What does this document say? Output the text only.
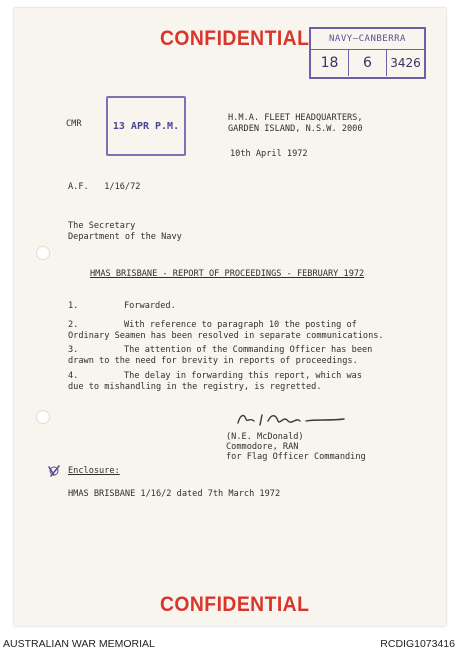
CONFIDENTIAL	NAVY—CANBERRA
18	6	3426
CMR	13 APR P.M.
H.M.A. FLEET HEADQUARTERS,
GARDEN ISLAND, N.S.W. 2000
10th April 1972
A.F.   1/16/72
The Secretary
Department of the Navy
HMAS BRISBANE - REPORT OF PROCEEDINGS - FEBRUARY 1972
1.	Forwarded.
2.	With reference to paragraph 10 the posting of
Ordinary Seamen has been resolved in separate communications.
3.	The attention of the Commanding Officer has been
drawn to the need for brevity in reports of proceedings.
4.	The delay in forwarding this report, which was
due to mishandling in the registry, is regretted.
(N.E. McDonald)
Commodore, RAN
for Flag Officer Commanding
Enclosure:
HMAS BRISBANE 1/16/2 dated 7th March 1972
CONFIDENTIAL
AUSTRALIAN WAR MEMORIAL	RCDIG1073416
